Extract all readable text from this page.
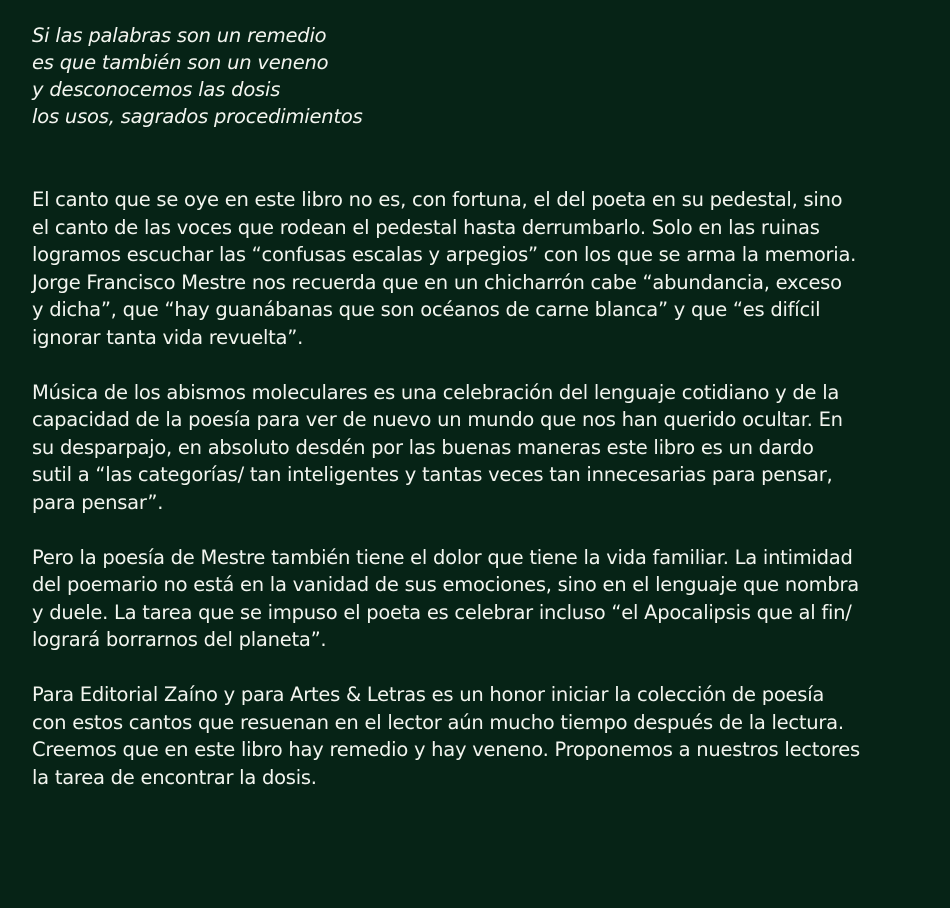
Si las palabras son un remedio
es que también son un veneno
y desconocemos las dosis
los usos, sagrados procedimientos

El canto que se oye en este libro no es, con fortuna, el del poeta en su pedestal, sino
el canto de las voces que rodean el pedestal hasta derrumbarlo. Solo en las ruinas
logramos escuchar las “confusas escalas y arpegios” con los que se arma la memoria.
Jorge Francisco Mestre nos recuerda que en un chicharrón cabe “abundancia, exceso
y dicha”, que “hay guanábanas que son océanos de carne blanca” y que “es difícil
ignorar tanta vida revuelta”.

Música de los abismos moleculares es una celebración del lenguaje cotidiano y de la
capacidad de la poesía para ver de nuevo un mundo que nos han querido ocultar. En
su desparpajo, en absoluto desdén por las buenas maneras este libro es un dardo
sutil a “las categorías/ tan inteligentes y tantas veces tan innecesarias para pensar,
para pensar”.

Pero la poesía de Mestre también tiene el dolor que tiene la vida familiar. La intimidad
del poemario no está en la vanidad de sus emociones, sino en el lenguaje que nombra
y duele. La tarea que se impuso el poeta es celebrar incluso “el Apocalipsis que al fin/
logrará borrarnos del planeta”.

Para Editorial Zaíno y para Artes & Letras es un honor iniciar la colección de poesía
con estos cantos que resuenan en el lector aún mucho tiempo después de la lectura.
Creemos que en este libro hay remedio y hay veneno. Proponemos a nuestros lectores
la tarea de encontrar la dosis.
